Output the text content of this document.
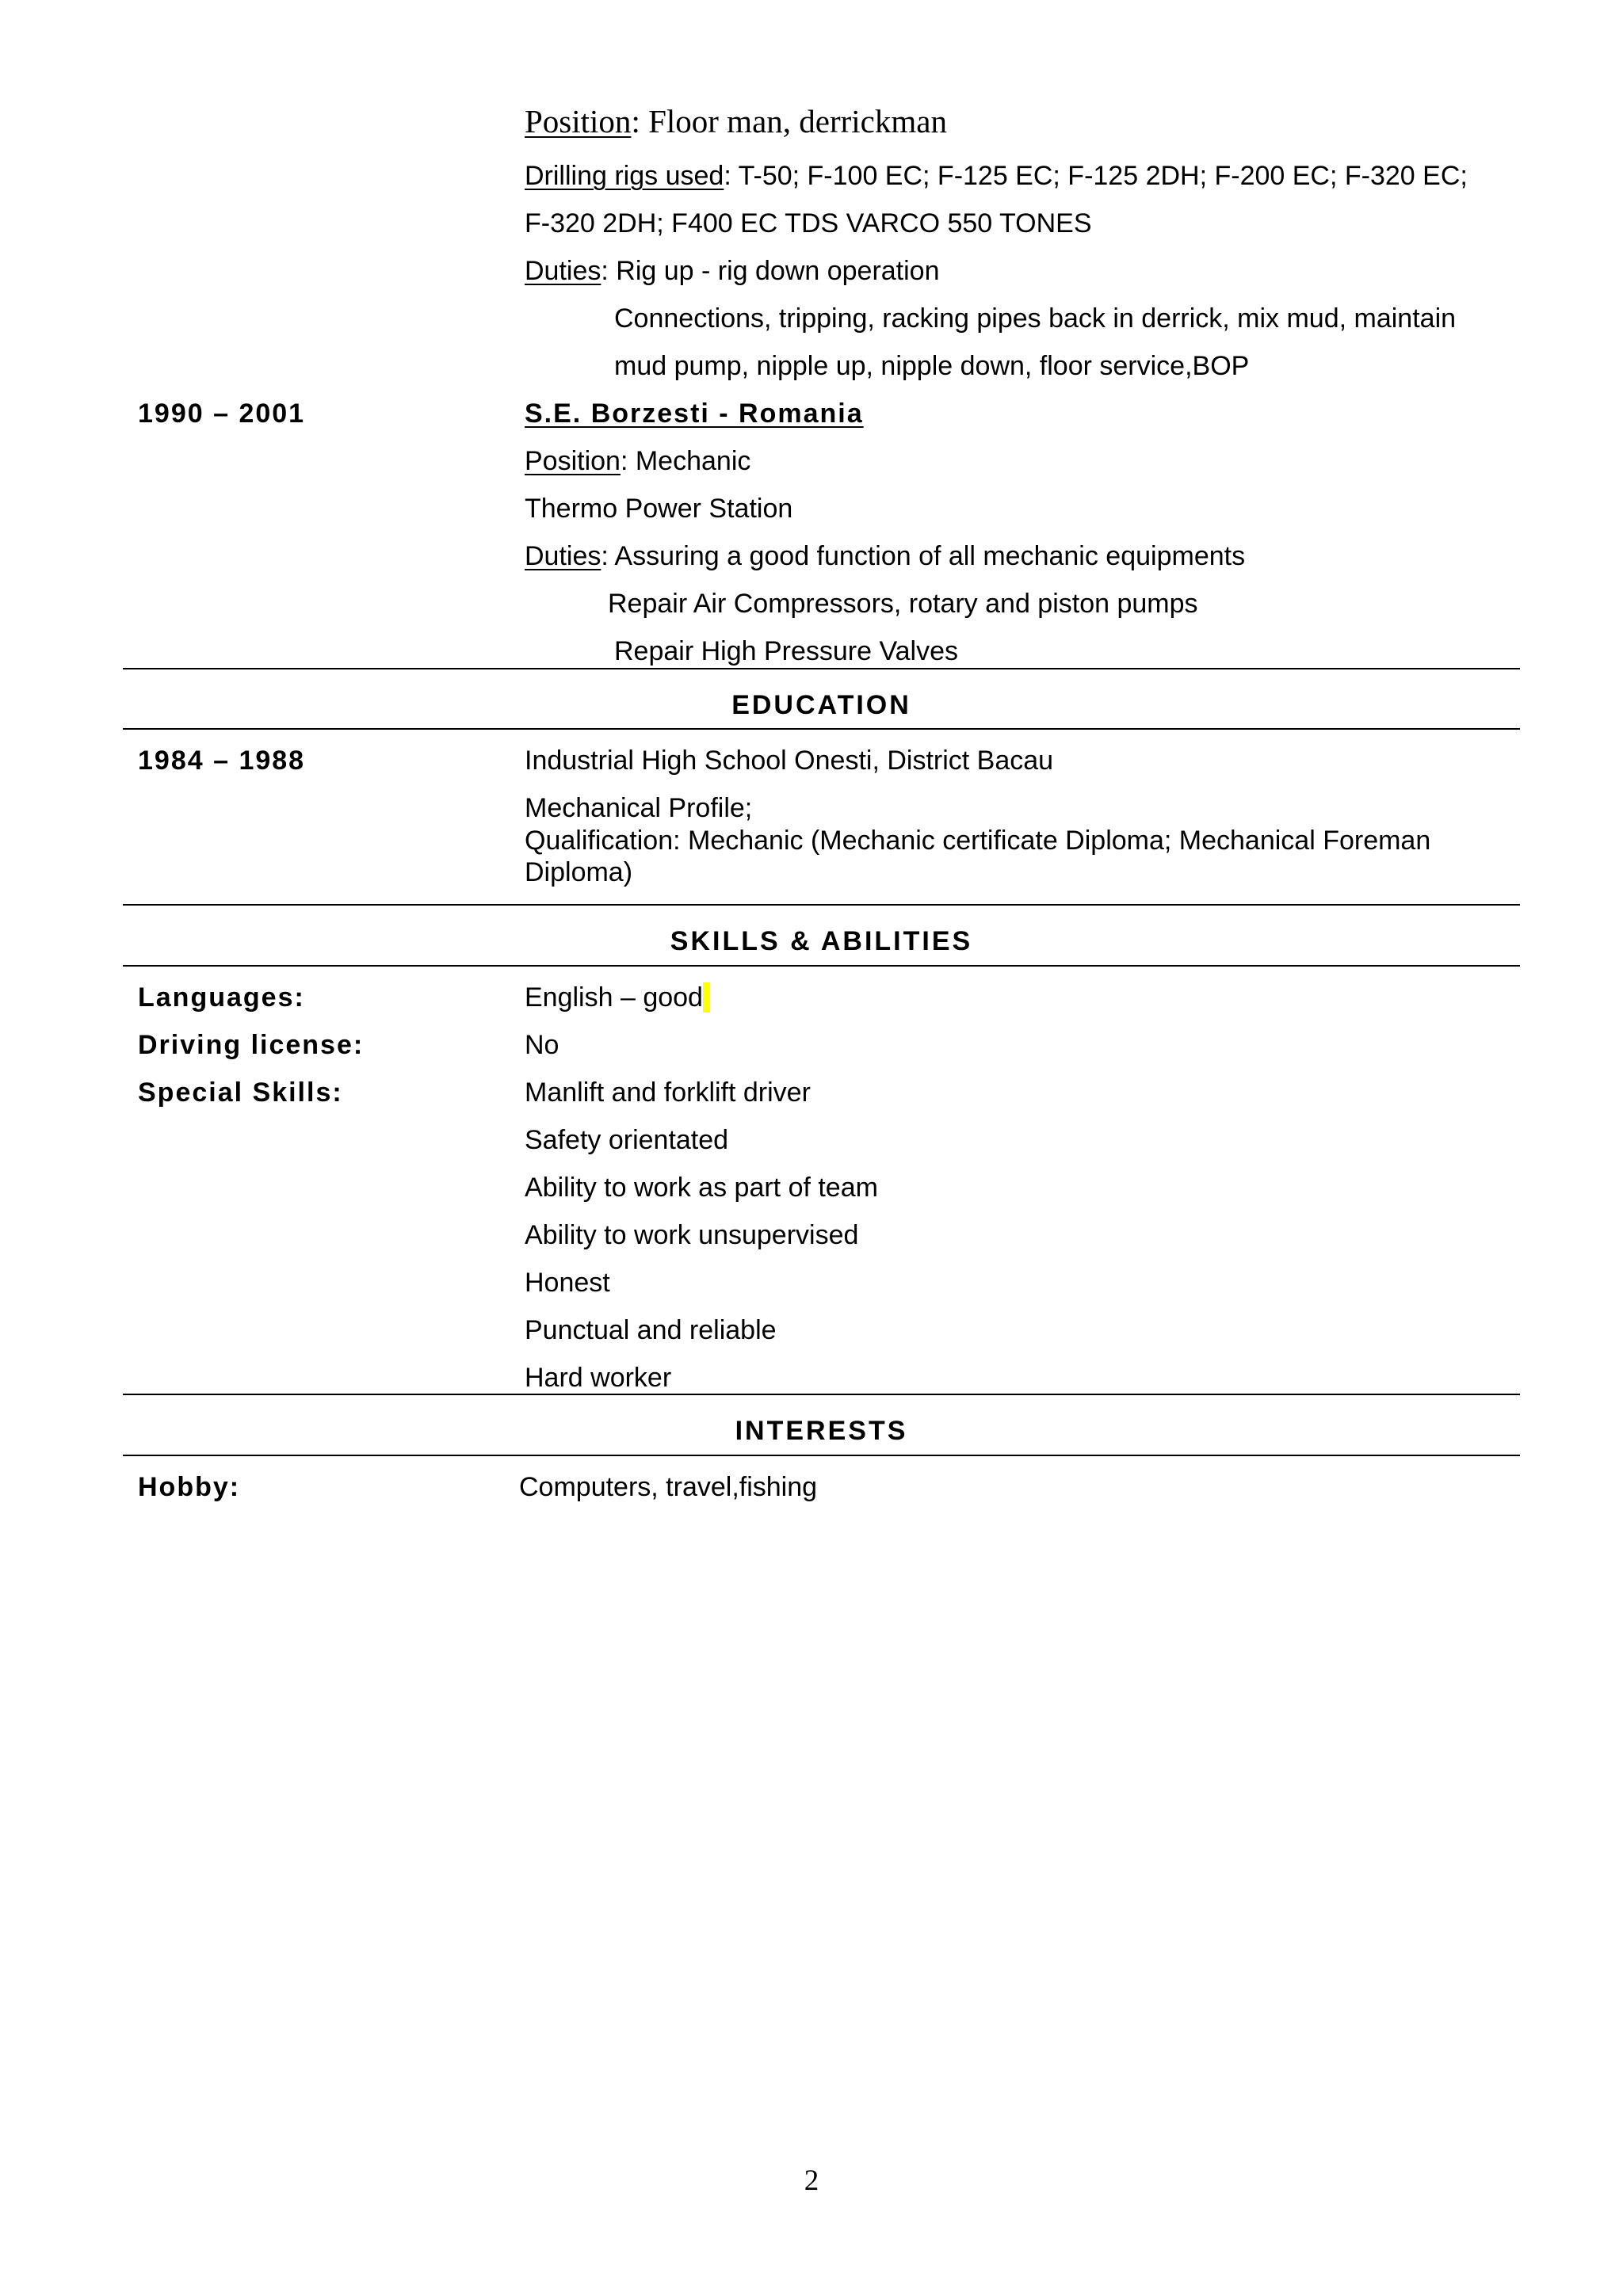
Position: Floor man, derrickman
Drilling rigs used: T-50; F-100 EC; F-125 EC; F-125 2DH; F-200 EC; F-320 EC;
F-320 2DH; F400 EC TDS VARCO 550 TONES
Duties: Rig up - rig down operation
Connections, tripping, racking pipes back in derrick, mix mud, maintain
mud pump, nipple up, nipple down, floor service,BOP
1990 – 2001	S.E. Borzesti - Romania
Position: Mechanic
Thermo Power Station
Duties: Assuring a good function of all mechanic equipments
Repair Air Compressors, rotary and piston pumps
Repair High Pressure Valves
EDUCATION
1984 – 1988	Industrial High School Onesti, District Bacau
Mechanical Profile;
Qualification: Mechanic (Mechanic certificate Diploma; Mechanical Foreman
Diploma)
SKILLS & ABILITIES
Languages:	English – good
Driving license:	No
Special Skills:	Manlift and forklift driver
Safety orientated
Ability to work as part of team
Ability to work unsupervised
Honest
Punctual and reliable
Hard worker
INTERESTS
Hobby:	Computers, travel,fishing
2
